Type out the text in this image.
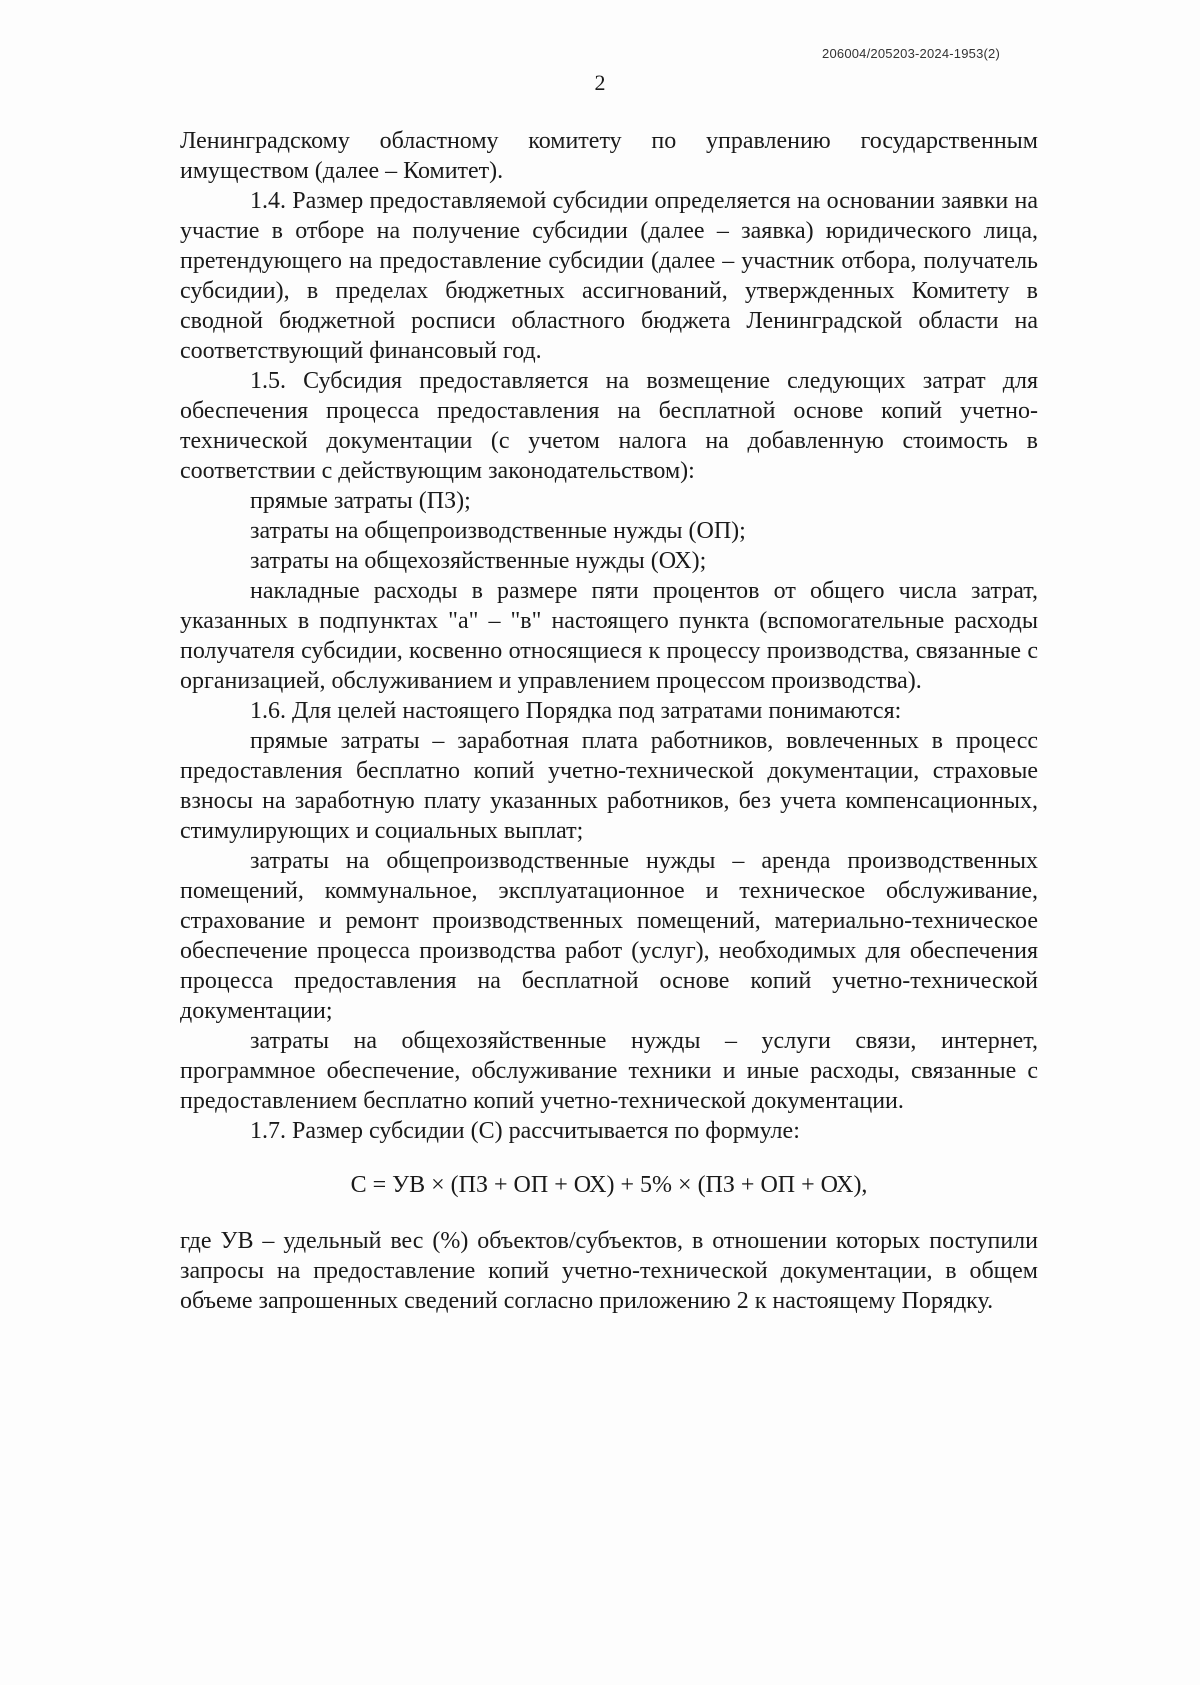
206004/205203-2024-1953(2)
2

Ленинградскому областному комитету по управлению государственным имуществом (далее – Комитет).

1.4. Размер предоставляемой субсидии определяется на основании заявки на участие в отборе на получение субсидии (далее – заявка) юридического лица, претендующего на предоставление субсидии (далее – участник отбора, получатель субсидии), в пределах бюджетных ассигнований, утвержденных Комитету в сводной бюджетной росписи областного бюджета Ленинградской области на соответствующий финансовый год.

1.5. Субсидия предоставляется на возмещение следующих затрат для обеспечения процесса предоставления на бесплатной основе копий учетно-технической документации (с учетом налога на добавленную стоимость в соответствии с действующим законодательством):

прямые затраты (ПЗ);

затраты на общепроизводственные нужды (ОП);

затраты на общехозяйственные нужды (ОХ);

накладные расходы в размере пяти процентов от общего числа затрат, указанных в подпунктах "а" – "в" настоящего пункта (вспомогательные расходы получателя субсидии, косвенно относящиеся к процессу производства, связанные с организацией, обслуживанием и управлением процессом производства).

1.6. Для целей настоящего Порядка под затратами понимаются:

прямые затраты – заработная плата работников, вовлеченных в процесс предоставления бесплатно копий учетно-технической документации, страховые взносы на заработную плату указанных работников, без учета компенсационных, стимулирующих и социальных выплат;

затраты на общепроизводственные нужды – аренда производственных помещений, коммунальное, эксплуатационное и техническое обслуживание, страхование и ремонт производственных помещений, материально-техническое обеспечение процесса производства работ (услуг), необходимых для обеспечения процесса предоставления на бесплатной основе копий учетно-технической документации;

затраты на общехозяйственные нужды – услуги связи, интернет, программное обеспечение, обслуживание техники и иные расходы, связанные с предоставлением бесплатно копий учетно-технической документации.

1.7. Размер субсидии (С) рассчитывается по формуле:

С = УВ × (ПЗ + ОП + ОХ) + 5% × (ПЗ + ОП + ОХ),

где УВ – удельный вес (%) объектов/субъектов, в отношении которых поступили запросы на предоставление копий учетно-технической документации, в общем объеме запрошенных сведений согласно приложению 2 к настоящему Порядку.
